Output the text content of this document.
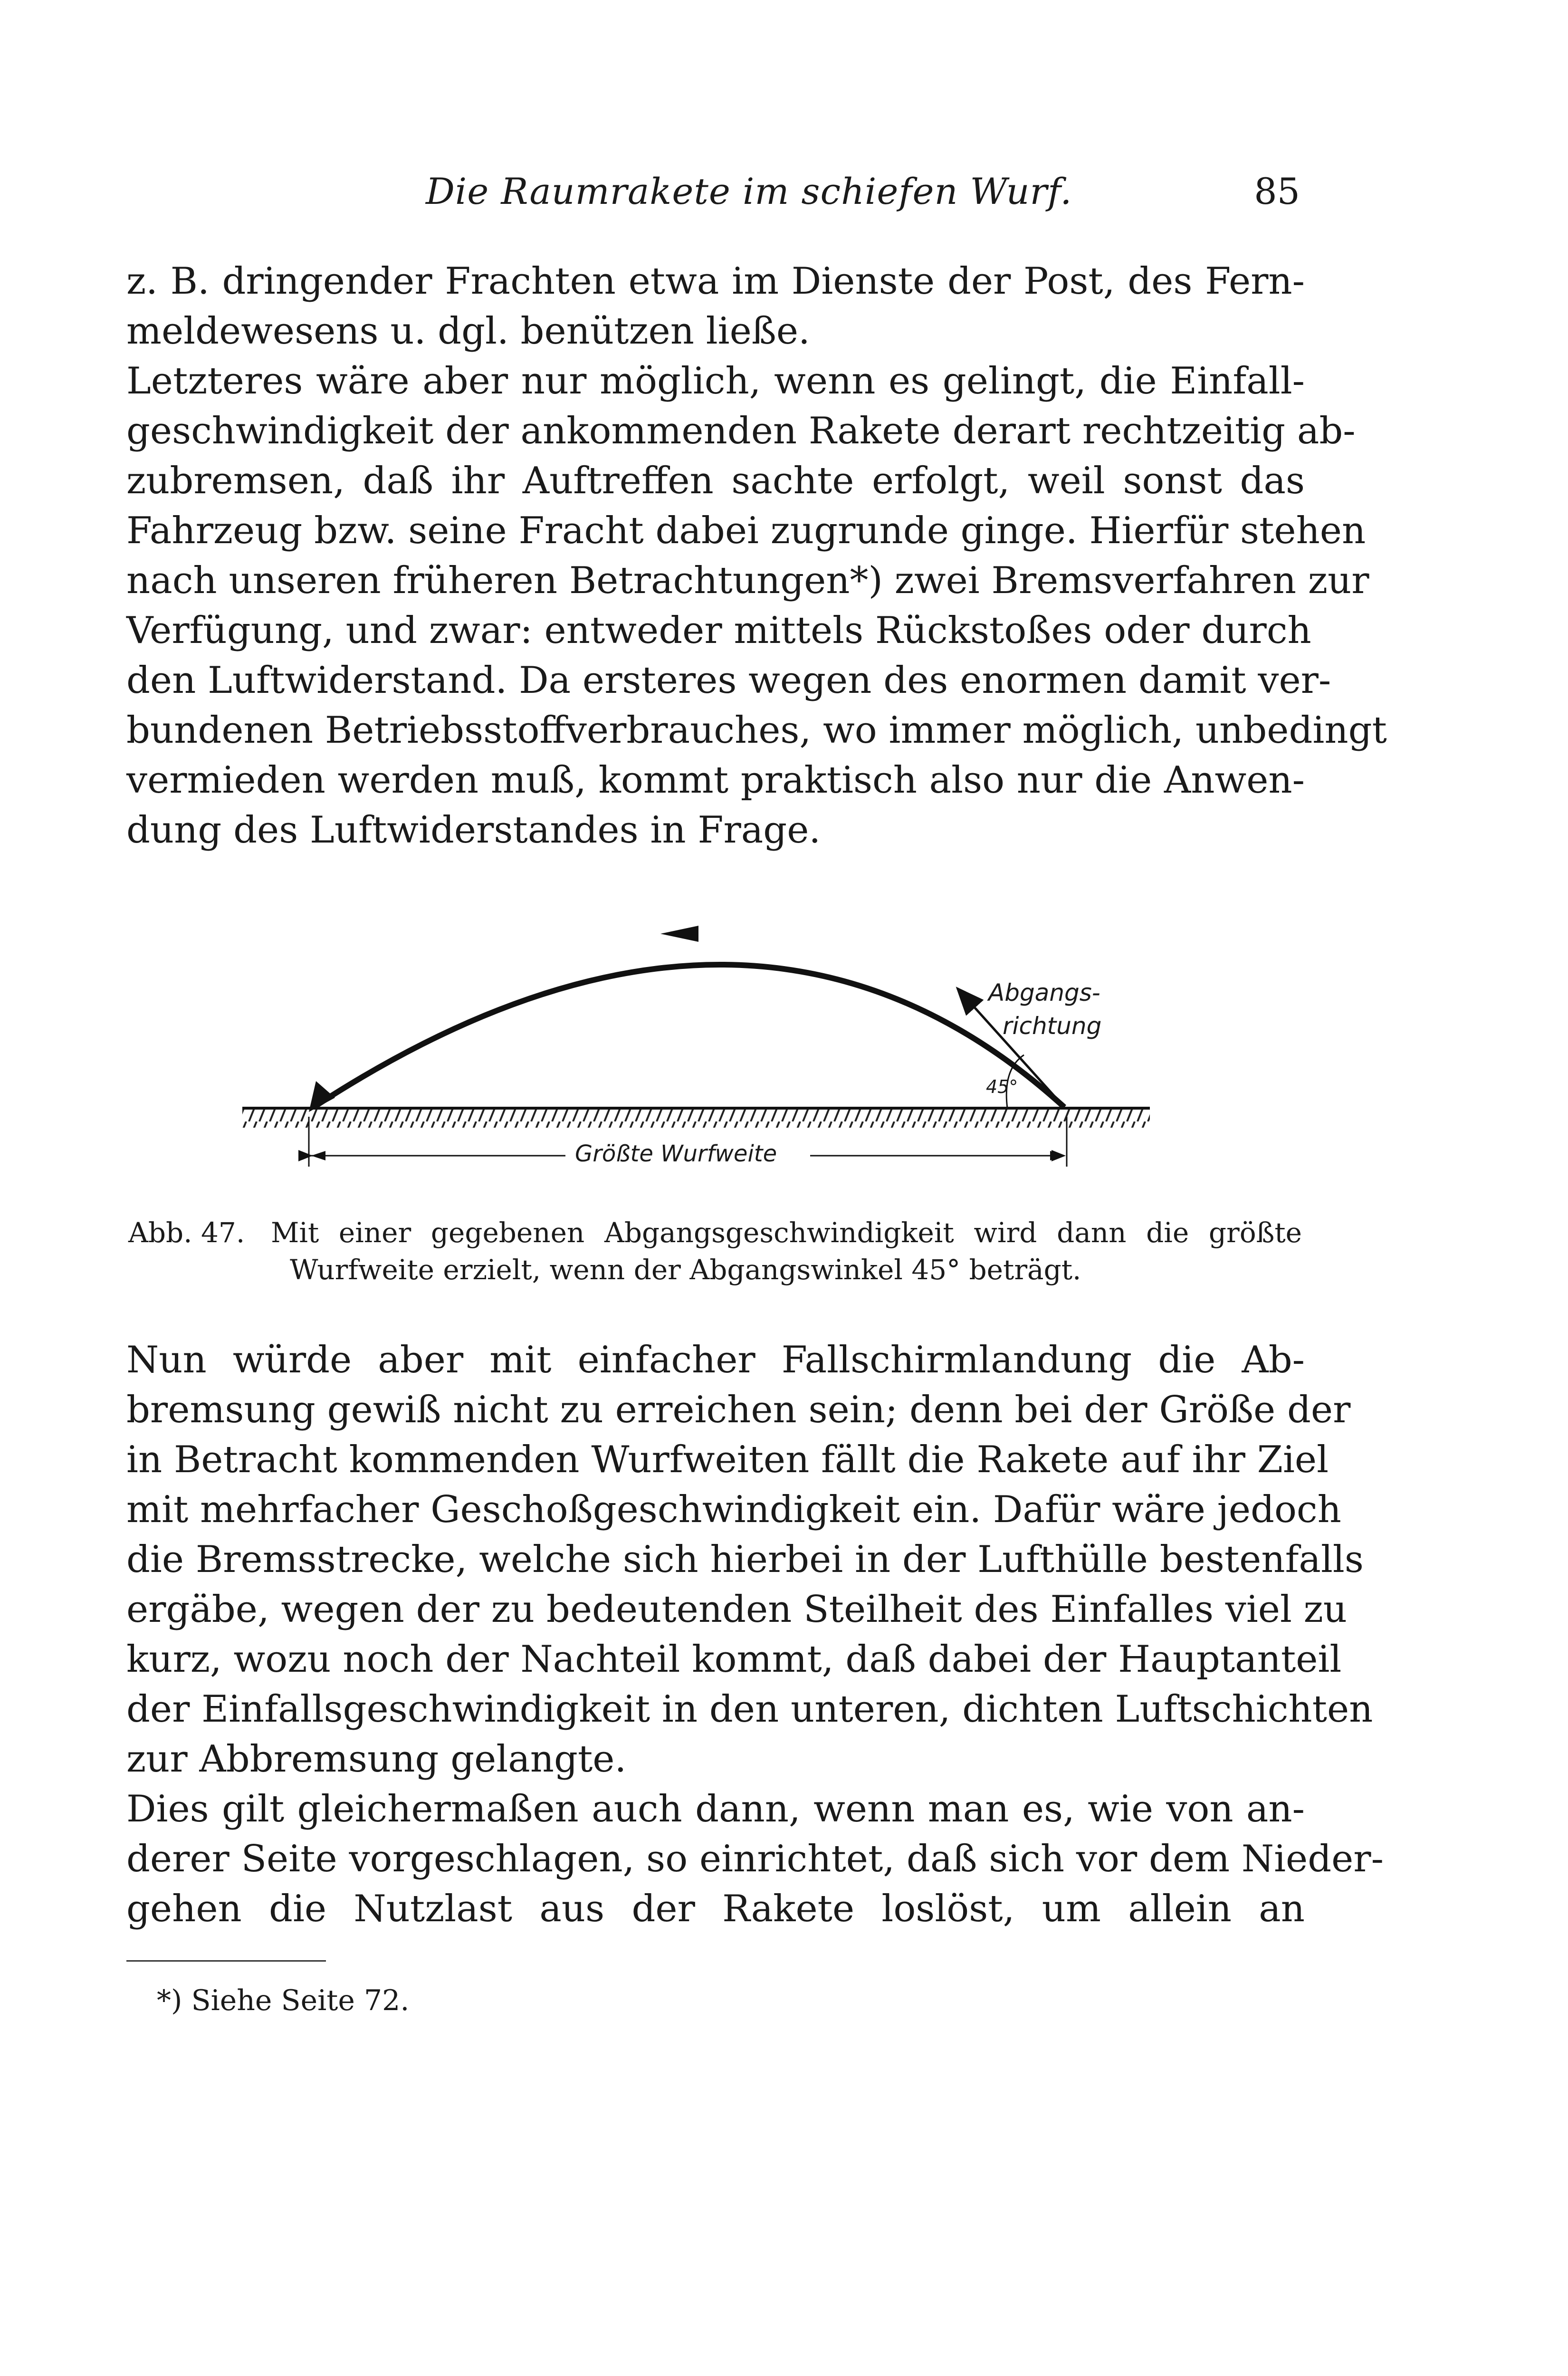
Die Raumrakete im schiefen Wurf.	85
z. B. dringender Frachten etwa im Dienste der Post, des Fern-
meldewesens u. dgl. benützen ließe.
Letzteres wäre aber nur möglich, wenn es gelingt, die Einfall-
geschwindigkeit der ankommenden Rakete derart rechtzeitig ab-
zubremsen, daß ihr Auftreffen sachte erfolgt, weil sonst das
Fahrzeug bzw. seine Fracht dabei zugrunde ginge. Hierfür stehen
nach unseren früheren Betrachtungen*) zwei Bremsverfahren zur
Verfügung, und zwar: entweder mittels Rückstoßes oder durch
den Luftwiderstand. Da ersteres wegen des enormen damit ver-
bundenen Betriebsstoffverbrauches, wo immer möglich, unbedingt
vermieden werden muß, kommt praktisch also nur die Anwen-
dung des Luftwiderstandes in Frage.
Abgangs-
richtung
45°
Größte Wurfweite
Abb. 47. Mit einer gegebenen Abgangsgeschwindigkeit wird dann die größte
Wurfweite erzielt, wenn der Abgangswinkel 45° beträgt.
Nun würde aber mit einfacher Fallschirmlandung die Ab-
bremsung gewiß nicht zu erreichen sein; denn bei der Größe der
in Betracht kommenden Wurfweiten fällt die Rakete auf ihr Ziel
mit mehrfacher Geschoßgeschwindigkeit ein. Dafür wäre jedoch
die Bremsstrecke, welche sich hierbei in der Lufthülle bestenfalls
ergäbe, wegen der zu bedeutenden Steilheit des Einfalles viel zu
kurz, wozu noch der Nachteil kommt, daß dabei der Hauptanteil
der Einfallsgeschwindigkeit in den unteren, dichten Luftschichten
zur Abbremsung gelangte.
Dies gilt gleichermaßen auch dann, wenn man es, wie von an-
derer Seite vorgeschlagen, so einrichtet, daß sich vor dem Nieder-
gehen die Nutzlast aus der Rakete loslöst, um allein an
*) Siehe Seite 72.
